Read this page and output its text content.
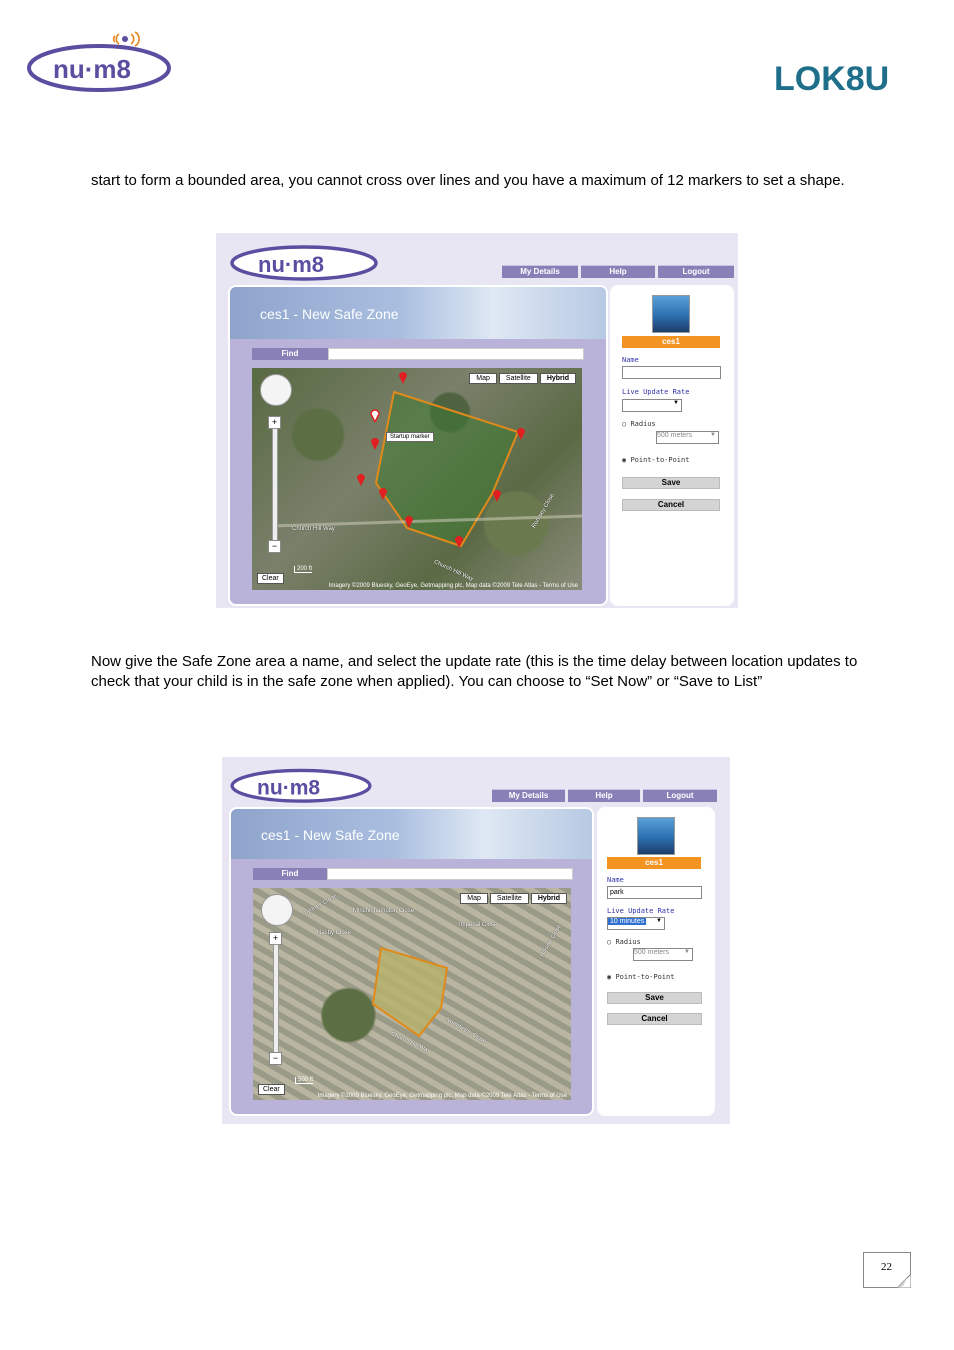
nu·m8	LOK8U
start to form a bounded area, you cannot cross over lines and you have a maximum of 12 markers to set a shape.
nu·m8	My Details	Help	Logout
ces1 - New Safe Zone
Find
Map	Satellite	Hybrid
+
−
Clear
200 ft
Imagery ©2009 Bluesky, GeoEye, Getmapping plc, Map data ©2009 Tele Atlas - Terms of Use
Church Hill Way
Church Hill Way
Romsey Close
Startup marker
ces1
Name
Live Update Rate
▼
○ Radius
500 meters	▼
◉ Point-to-Point
Save
Cancel
Now give the Safe Zone area a name, and select the update rate (this is the time delay between location updates to check that your child is in the safe zone when applied). You can choose to “Set Now” or “Save to List”
nu·m8	My Details	Help	Logout
ces1 - New Safe Zone
Find
Map	Satellite	Hybrid
+
−
Clear
500 ft
Imagery ©2009 Bluesky, GeoEye, Getmapping plc, Map data ©2009 Tele Atlas - Terms of Use
Lydney Close Minchinhampton Close
Nasby Close
Imperial Close	Hillside Close
Church Hill Way Northfields Close
ces1
Name
park
Live Update Rate
10 minutes ▼
○ Radius
500 meters	▼
◉ Point-to-Point
Save
Cancel
22
